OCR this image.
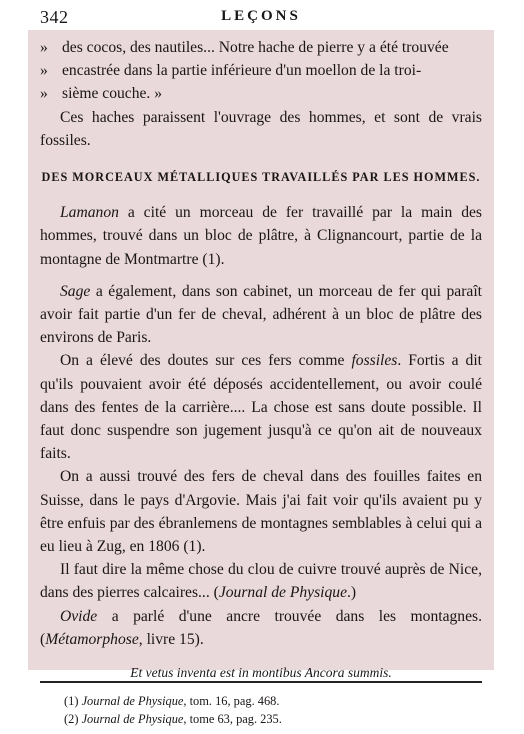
342	LEÇONS

» des cocos, des nautiles... Notre hache de pierre y a été trouvée

» encastrée dans la partie inférieure d'un moellon de la troi-

» sième couche. »

Ces haches paraissent l'ouvrage des hommes, et sont de vrais fossiles.

DES MORCEAUX MÉTALLIQUES TRAVAILLÉS PAR LES HOMMES.

Lamanon a cité un morceau de fer travaillé par la main des hommes, trouvé dans un bloc de plâtre, à Clignancourt, partie de la montagne de Montmartre (1).

Sage a également, dans son cabinet, un morceau de fer qui paraît avoir fait partie d'un fer de cheval, adhérent à un bloc de plâtre des environs de Paris.

On a élevé des doutes sur ces fers comme fossiles. Fortis a dit qu'ils pouvaient avoir été déposés accidentellement, ou avoir coulé dans des fentes de la carrière.... La chose est sans doute possible. Il faut donc suspendre son jugement jusqu'à ce qu'on ait de nouveaux faits.

On a aussi trouvé des fers de cheval dans des fouilles faites en Suisse, dans le pays d'Argovie. Mais j'ai fait voir qu'ils avaient pu y être enfuis par des ébranlemens de montagnes semblables à celui qui a eu lieu à Zug, en 1806 (1).

Il faut dire la même chose du clou de cuivre trouvé auprès de Nice, dans des pierres calcaires... (Journal de Physique.)

Ovide a parlé d'une ancre trouvée dans les montagnes. (Métamorphose, livre 15).

Et vetus inventa est in montibus Ancora summis.

(1) Journal de Physique, tom. 16, pag. 468.
(2) Journal de Physique, tome 63, pag. 235.
